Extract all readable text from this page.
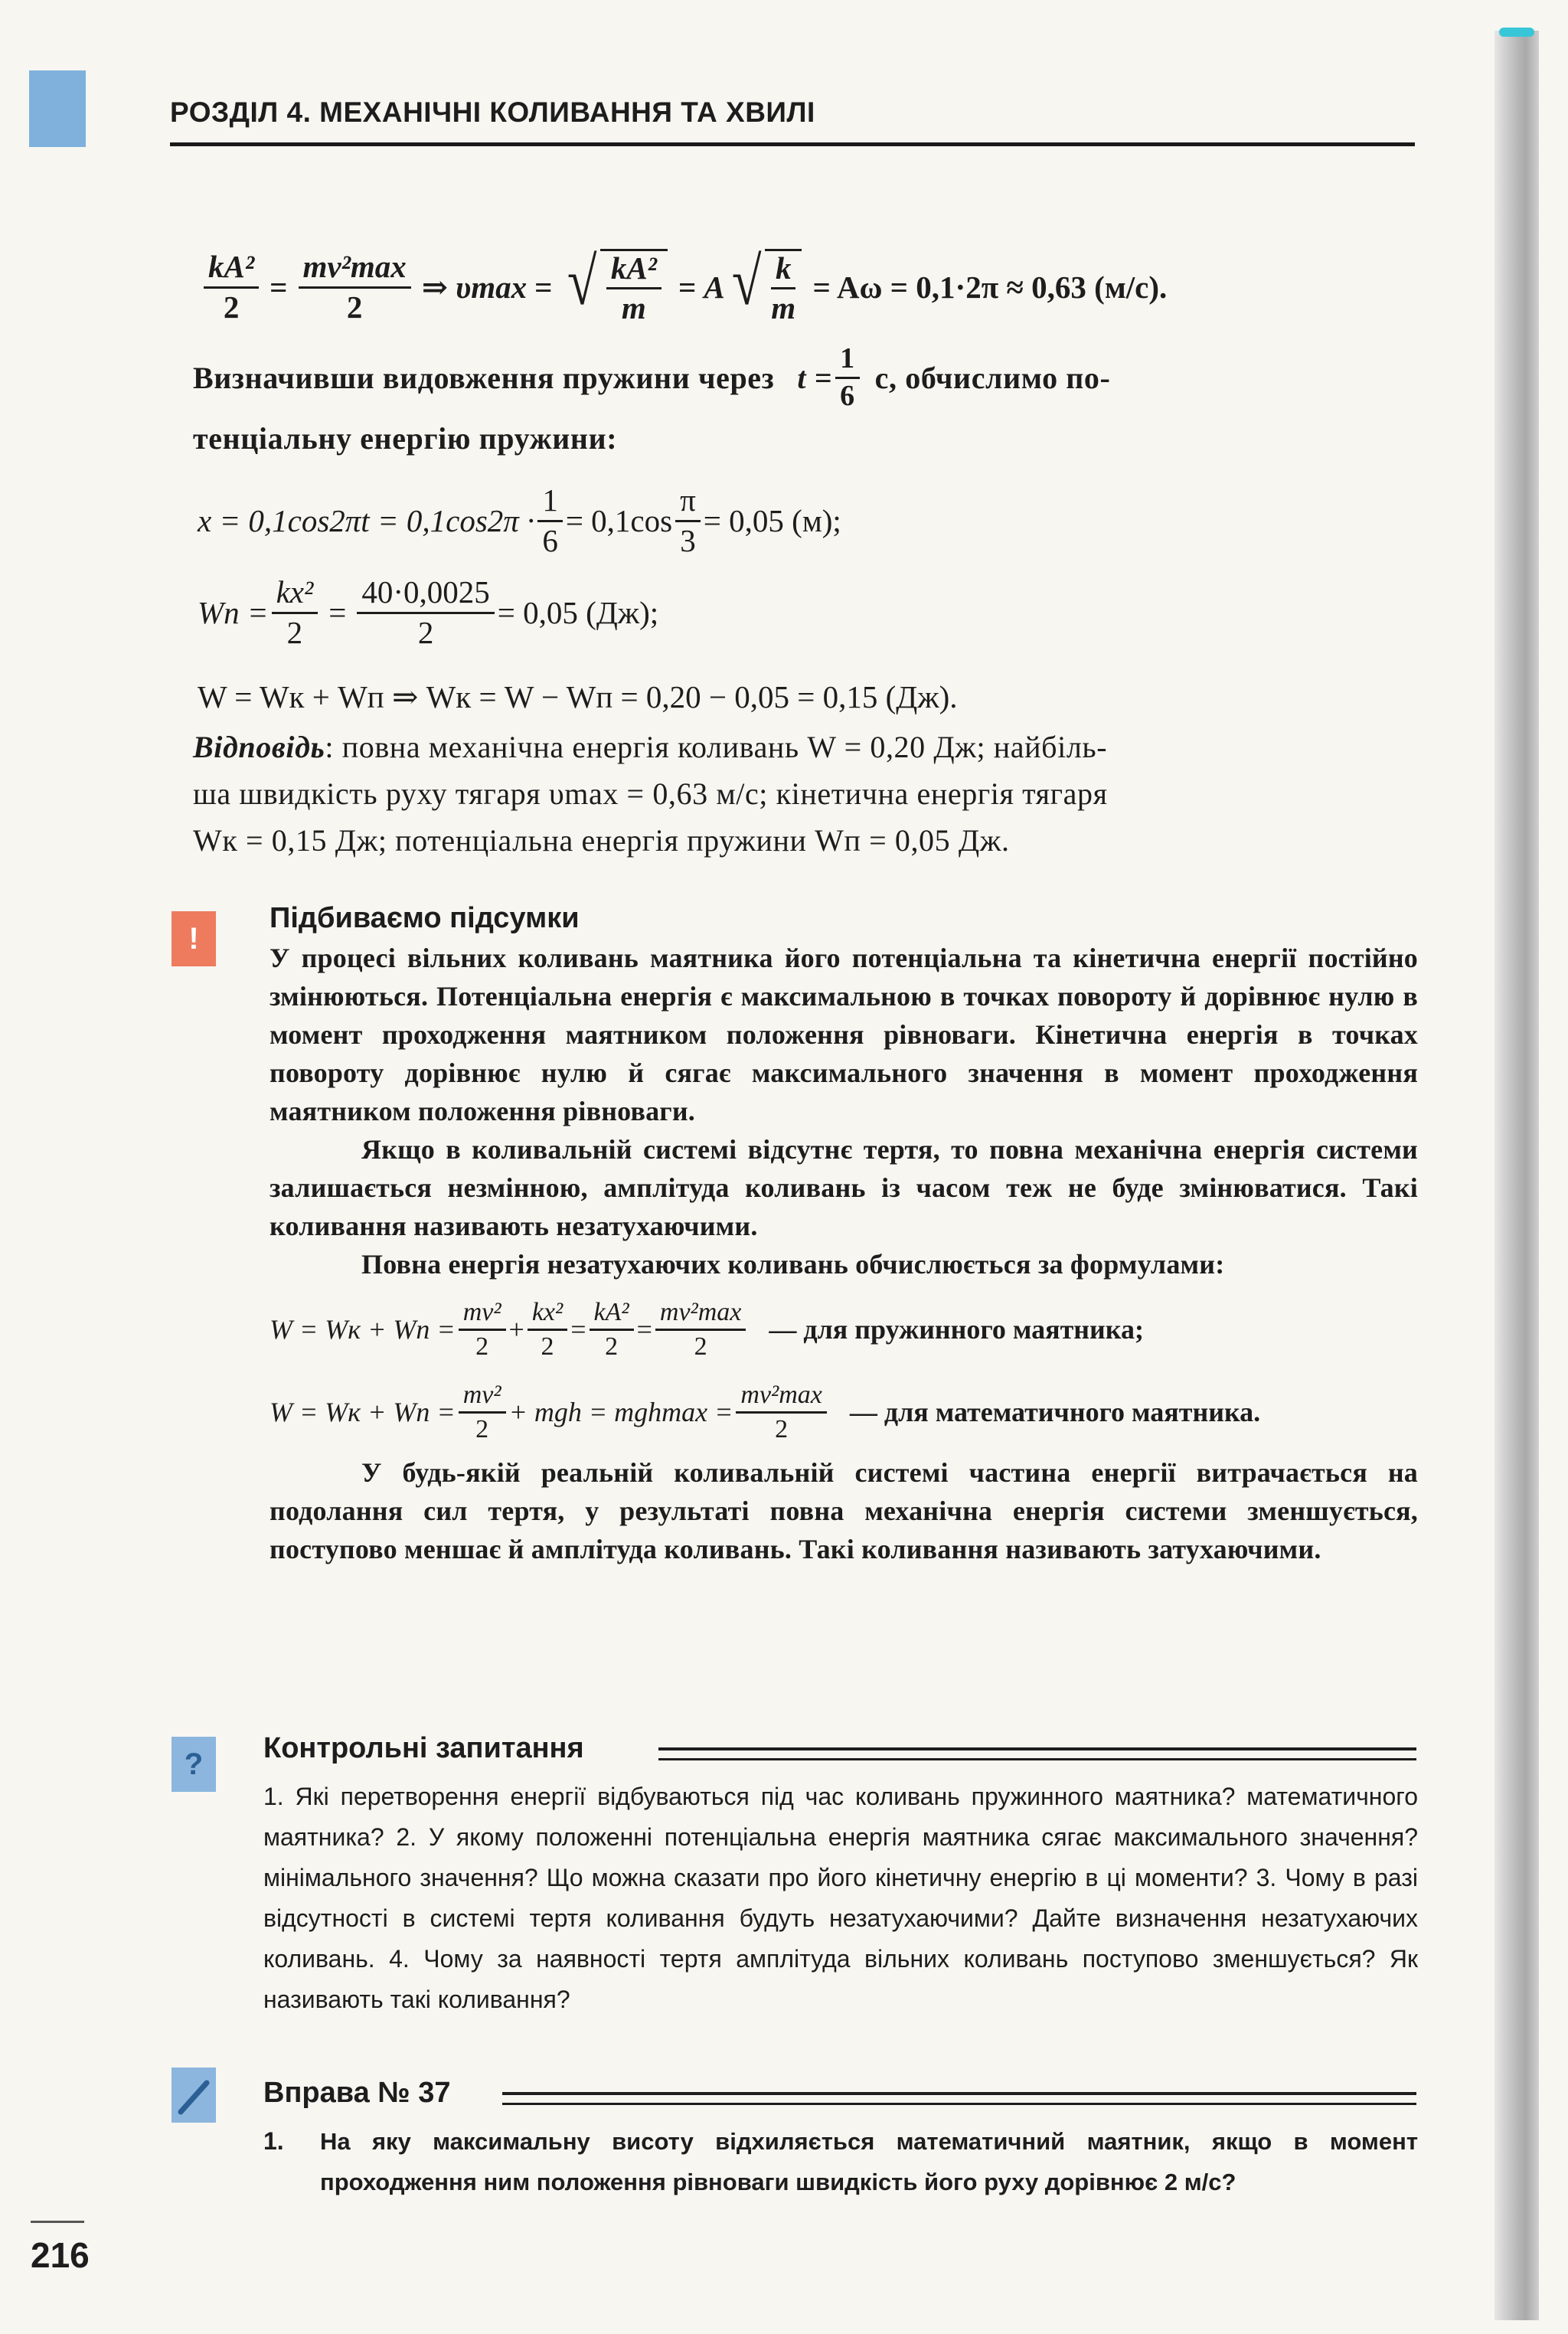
РОЗДІЛ 4. МЕХАНІЧНІ КОЛИВАННЯ ТА ХВИЛІ
$\frac{\text{kA²}}{2} = \frac{\text{mv²max}}{2}$ ⇒ υmax = √ $\frac{\text{kA²}}{m} = A$ √ $\frac{k}{m} = A\omega = 0,1\cdot 2\pi \approx 0,63$ (м/с).
Визначивши видовження пружини через $t = \frac{1}{6} с$, обчислимо по-
тенціальну енергію пружини:
$x = 0,1\cos 2\pi t = 0,1\cos 2\pi \cdot \frac{1}{6} = 0,1\cos \frac{\pi}{3} = 0,05$ (м);
Wп = $\frac{\text{kx²}}{2} = \frac{40\cdot 0,0025}{2} = 0,05$ (Дж);
W = Wк + Wп ⇒ Wк = W − Wп = 0,20 − 0,05 = 0,15 (Дж).
Відповідь: повна механічна енергія коливань W = 0,20 Дж; найбіль-
ша швидкість руху тягаря υmax = 0,63 м/с; кінетична енергія тягаря
Wк = 0,15 Дж; потенціальна енергія пружини Wп = 0,05 Дж.
!
Підбиваємо підсумки
У процесі вільних коливань маятника його потенціальна та кінетична енергії постійно змінюються. Потенціальна енергія є максимальною в точках повороту й дорівнює нулю в момент проходження маятником положення рівноваги. Кінетична енергія в точках повороту дорівнює нулю й сягає максимального значення в момент проходження маятником положення рівноваги.
Якщо в коливальній системі відсутнє тертя, то повна механічна енергія системи залишається незмінною, амплітуда коливань із часом теж не буде змінюватися. Такі коливання називають незатухаючими.
Повна енергія незатухаючих коливань обчислюється за формулами:
W = Wк + Wп = $\frac{\text{mv²}}{2} + \frac{\text{kx²}}{2} = \frac{\text{kA²}}{2} = \frac{\text{mv²max}}{2}$ — для пружинного маятника;
W = Wк + Wп = $\frac{\text{mv²}}{2}$ + mgh = $mghmax = \frac{\text{mv²max}}{2}$ — для математичного маятника.
У будь-якій реальній коливальній системі частина енергії витрачається на подолання сил тертя, у результаті повна механічна енергія системи зменшується, поступово меншає й амплітуда коливань. Такі коливання називають затухаючими.
?	Контрольні запитання
1. Які перетворення енергії відбуваються під час коливань пружинного маятника? математичного маятника? 2. У якому положенні потенціальна енергія маятника сягає максимального значення? мінімального значення? Що можна сказати про його кінетичну енергію в ці моменти? 3. Чому в разі відсутності в системі тертя коливання будуть незатухаючими? Дайте визначення незатухаючих коливань. 4. Чому за наявності тертя амплітуда вільних коливань поступово зменшується? Як називають такі коливання?
Вправа № 37
1.	На яку максимальну висоту відхиляється математичний маятник, якщо в момент проходження ним положення рівноваги швидкість його руху дорівнює 2 м/с?
216
